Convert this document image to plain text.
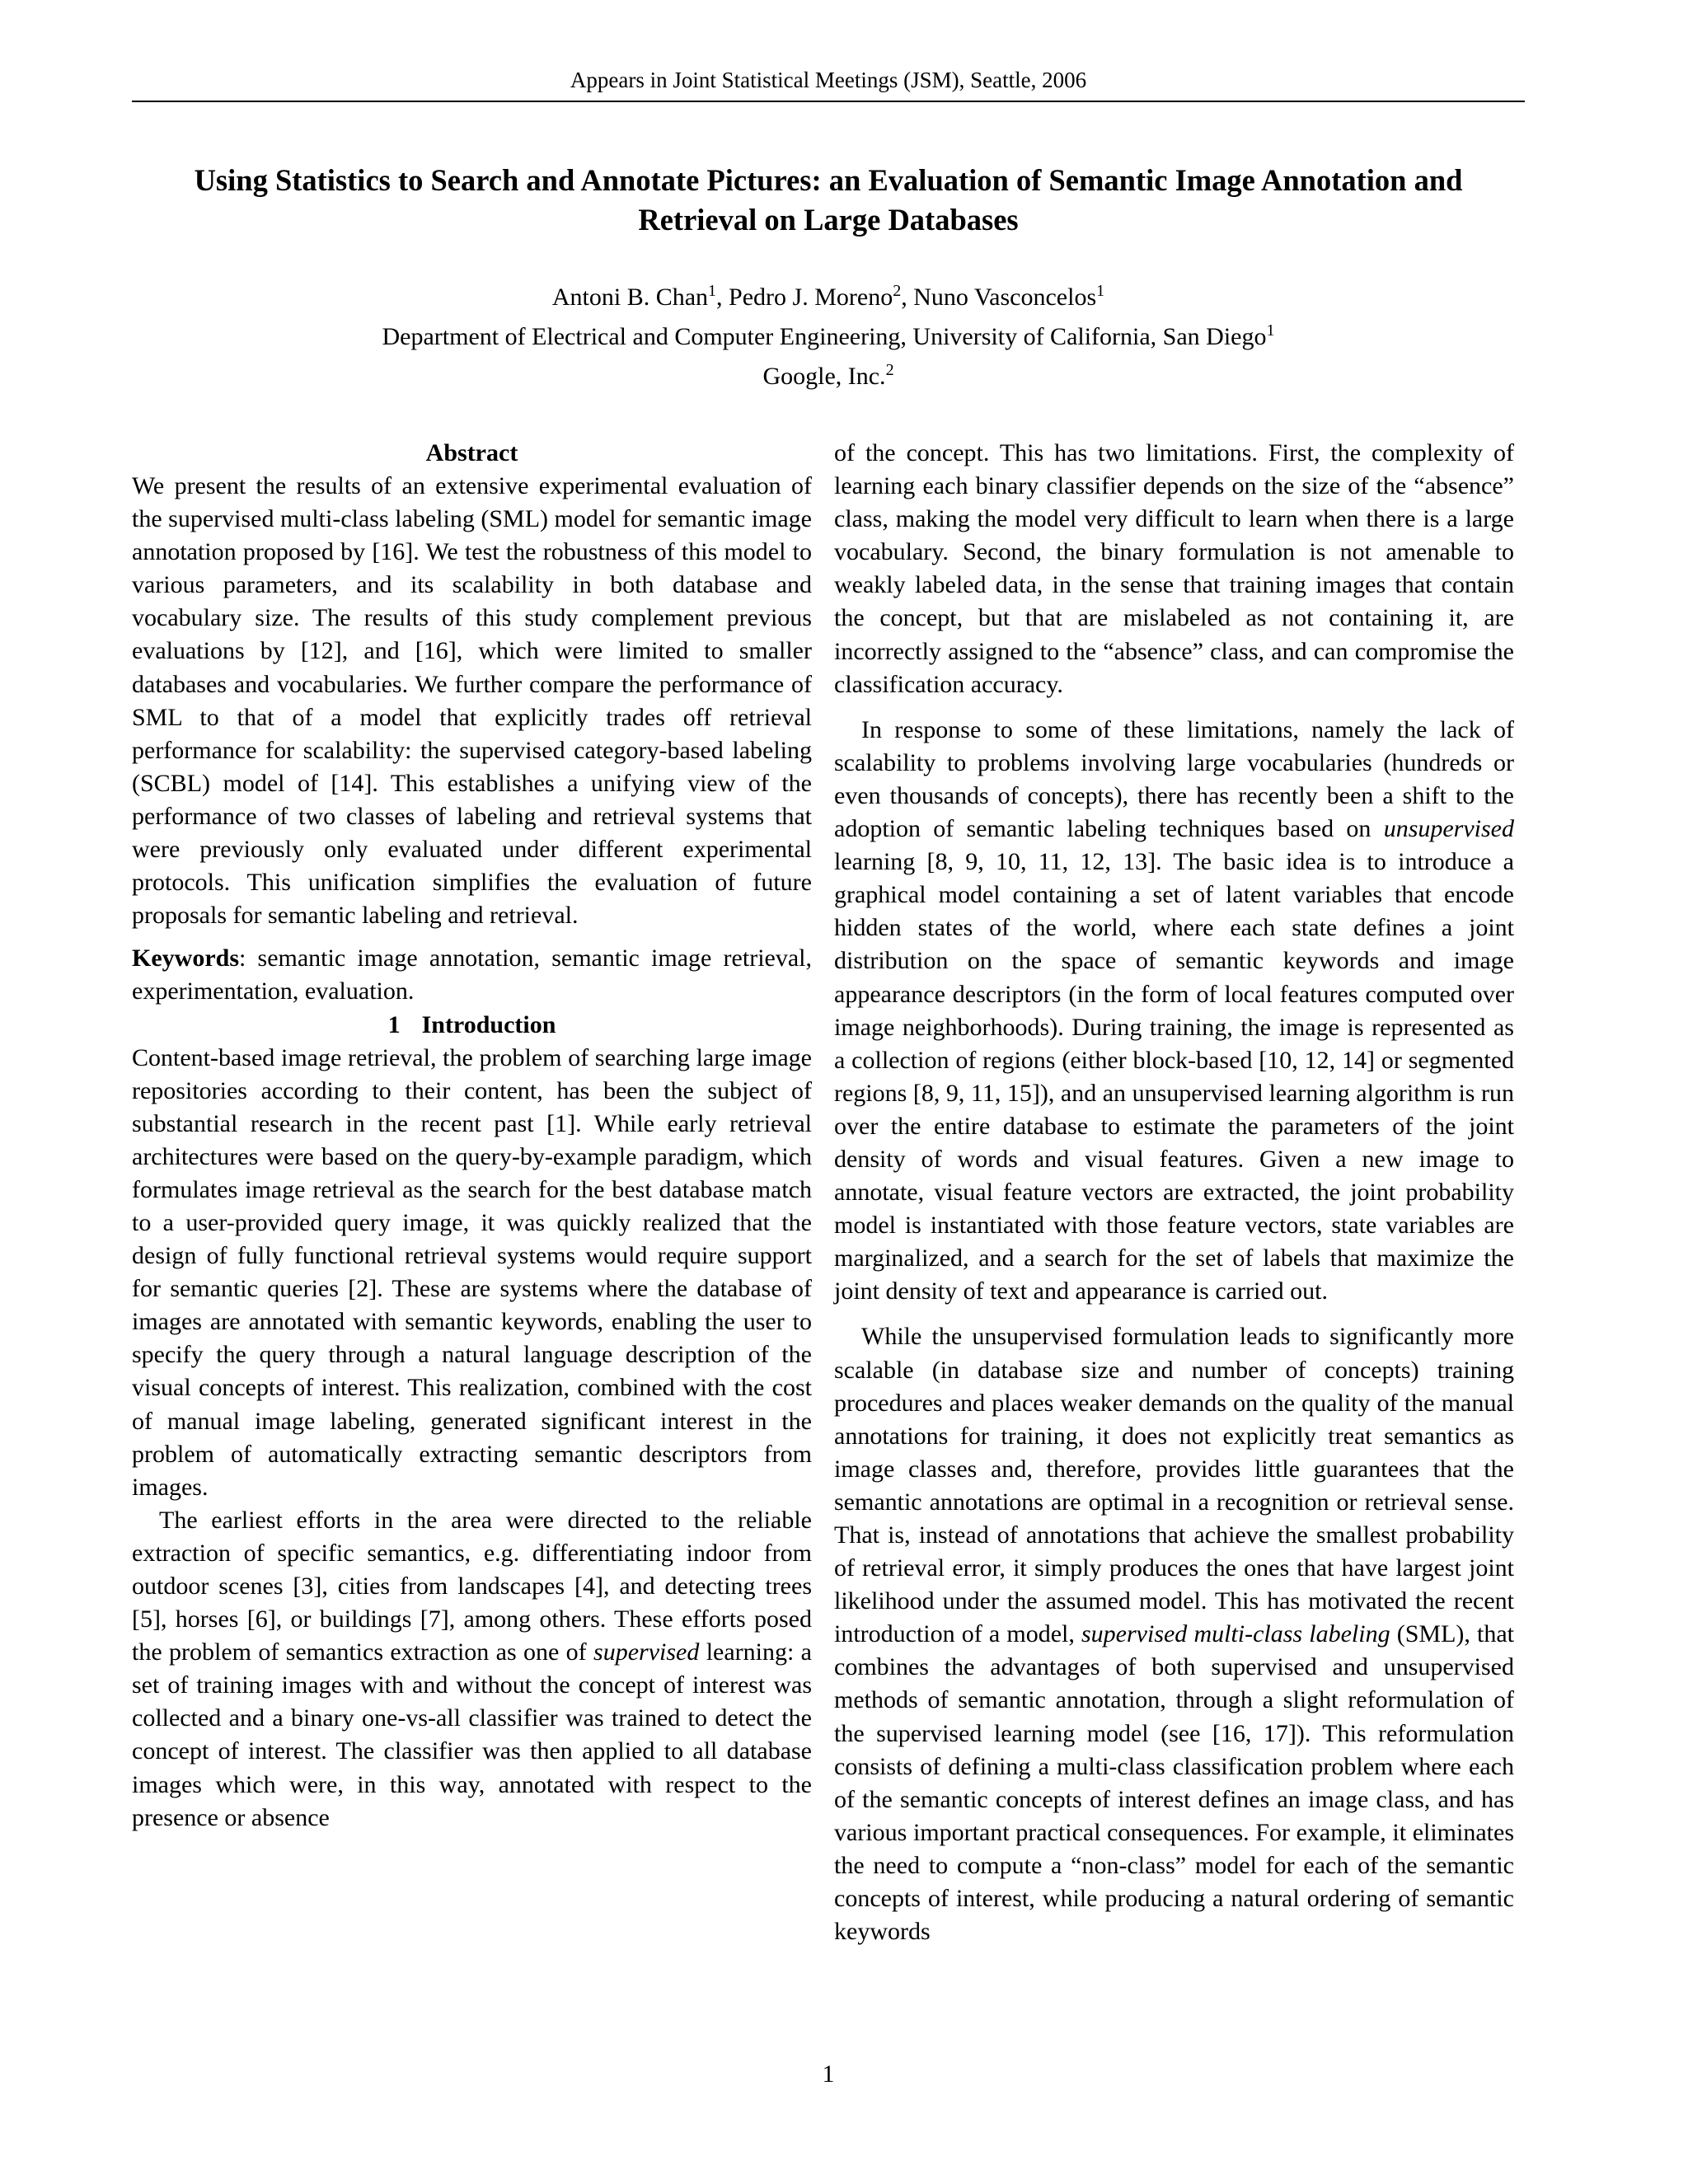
Appears in Joint Statistical Meetings (JSM), Seattle, 2006
Using Statistics to Search and Annotate Pictures: an Evaluation of Semantic Image Annotation and Retrieval on Large Databases
Antoni B. Chan$^1$, Pedro J. Moreno$^2$, Nuno Vasconcelos$^1$
Department of Electrical and Computer Engineering, University of California, San Diego$^1$
Google, Inc.$^2$

Abstract

We present the results of an extensive experimental evaluation of the supervised multi-class labeling (SML) model for semantic image annotation proposed by [16]. We test the robustness of this model to various parameters, and its scalability in both database and vocabulary size. The results of this study complement previous evaluations by [12], and [16], which were limited to smaller databases and vocabularies. We further compare the performance of SML to that of a model that explicitly trades off retrieval performance for scalability: the supervised category-based labeling (SCBL) model of [14]. This establishes a unifying view of the performance of two classes of labeling and retrieval systems that were previously only evaluated under different experimental protocols. This unification simplifies the evaluation of future proposals for semantic labeling and retrieval.

Keywords: semantic image annotation, semantic image retrieval, experimentation, evaluation.

1 Introduction

Content-based image retrieval, the problem of searching large image repositories according to their content, has been the subject of substantial research in the recent past [1]. While early retrieval architectures were based on the query-by-example paradigm, which formulates image retrieval as the search for the best database match to a user-provided query image, it was quickly realized that the design of fully functional retrieval systems would require support for semantic queries [2]. These are systems where the database of images are annotated with semantic keywords, enabling the user to specify the query through a natural language description of the visual concepts of interest. This realization, combined with the cost of manual image labeling, generated significant interest in the problem of automatically extracting semantic descriptors from images.

The earliest efforts in the area were directed to the reliable extraction of specific semantics, e.g. differentiating indoor from outdoor scenes [3], cities from landscapes [4], and detecting trees [5], horses [6], or buildings [7], among others. These efforts posed the problem of semantics extraction as one of supervised learning: a set of training images with and without the concept of interest was collected and a binary one-vs-all classifier was trained to detect the concept of interest. The classifier was then applied to all database images which were, in this way, annotated with respect to the presence or absence

of the concept. This has two limitations. First, the complexity of learning each binary classifier depends on the size of the “absence” class, making the model very difficult to learn when there is a large vocabulary. Second, the binary formulation is not amenable to weakly labeled data, in the sense that training images that contain the concept, but that are mislabeled as not containing it, are incorrectly assigned to the “absence” class, and can compromise the classification accuracy.

In response to some of these limitations, namely the lack of scalability to problems involving large vocabularies (hundreds or even thousands of concepts), there has recently been a shift to the adoption of semantic labeling techniques based on unsupervised learning [8, 9, 10, 11, 12, 13]. The basic idea is to introduce a graphical model containing a set of latent variables that encode hidden states of the world, where each state defines a joint distribution on the space of semantic keywords and image appearance descriptors (in the form of local features computed over image neighborhoods). During training, the image is represented as a collection of regions (either block-based [10, 12, 14] or segmented regions [8, 9, 11, 15]), and an unsupervised learning algorithm is run over the entire database to estimate the parameters of the joint density of words and visual features. Given a new image to annotate, visual feature vectors are extracted, the joint probability model is instantiated with those feature vectors, state variables are marginalized, and a search for the set of labels that maximize the joint density of text and appearance is carried out.

While the unsupervised formulation leads to significantly more scalable (in database size and number of concepts) training procedures and places weaker demands on the quality of the manual annotations for training, it does not explicitly treat semantics as image classes and, therefore, provides little guarantees that the semantic annotations are optimal in a recognition or retrieval sense. That is, instead of annotations that achieve the smallest probability of retrieval error, it simply produces the ones that have largest joint likelihood under the assumed model. This has motivated the recent introduction of a model, supervised multi-class labeling (SML), that combines the advantages of both supervised and unsupervised methods of semantic annotation, through a slight reformulation of the supervised learning model (see [16, 17]). This reformulation consists of defining a multi-class classification problem where each of the semantic concepts of interest defines an image class, and has various important practical consequences. For example, it eliminates the need to compute a “non-class” model for each of the semantic concepts of interest, while producing a natural ordering of semantic keywords

1
